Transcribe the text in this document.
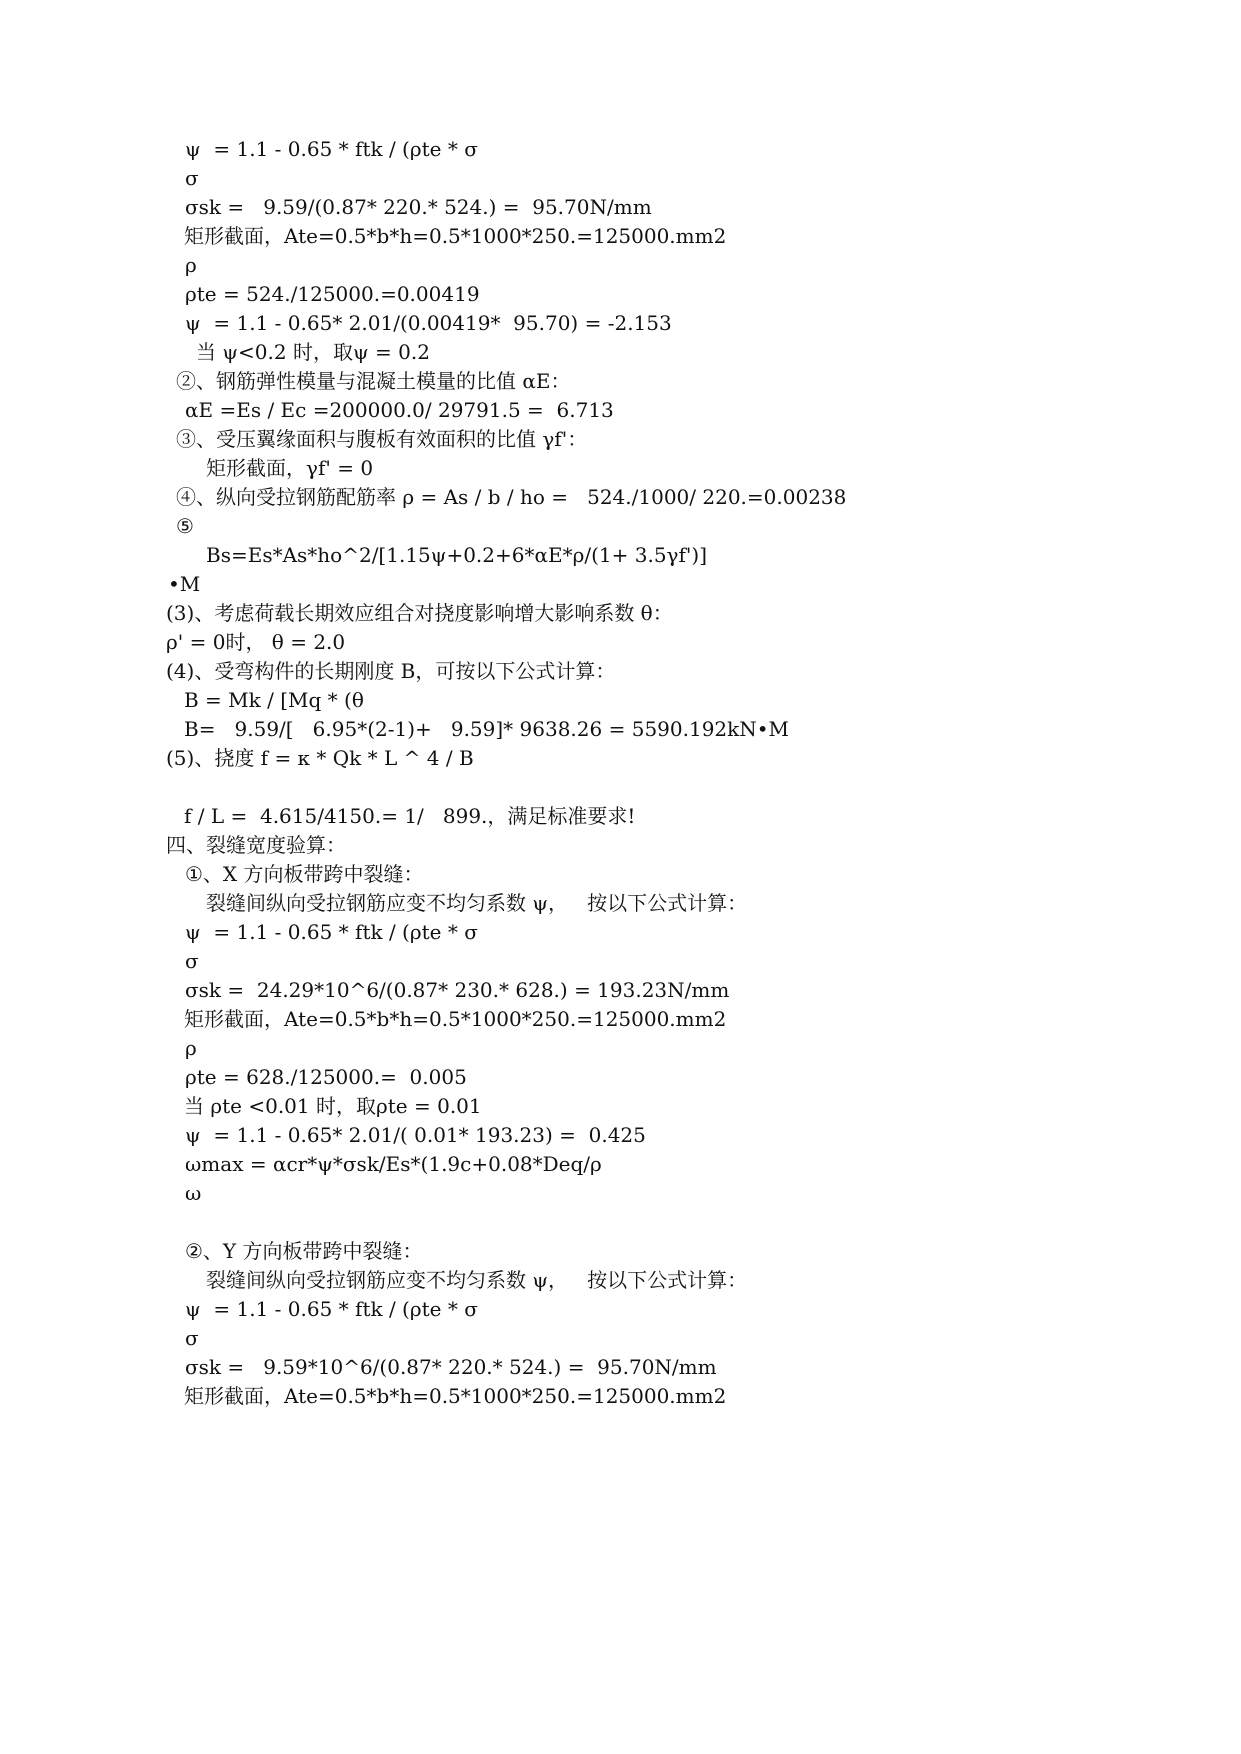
ψ  = 1.1 - 0.65 * ftk / (ρte * σ
σ
σsk =   9.59/(0.87* 220.* 524.) =  95.70N/mm
矩形截面，Ate=0.5*b*h=0.5*1000*250.=125000.mm2
ρ
ρte = 524./125000.=0.00419
ψ  = 1.1 - 0.65* 2.01/(0.00419*  95.70) = -2.153
当 ψ<0.2 时，取ψ = 0.2
②、钢筋弹性模量与混凝土模量的比值 αE：
αE =Es / Ec =200000.0/ 29791.5 =  6.713
③、受压翼缘面积与腹板有效面积的比值 γf'：
矩形截面，γf' = 0
④、纵向受拉钢筋配筋率 ρ = As / b / ho =   524./1000/ 220.=0.00238
⑤
Bs=Es*As*ho^2/[1.15ψ+0.2+6*αE*ρ/(1+ 3.5γf')]
•M
(3)、考虑荷载长期效应组合对挠度影响增大影响系数 θ：
ρ' = 0时， θ = 2.0
(4)、受弯构件的长期刚度 B，可按以下公式计算：
B = Mk / [Mq * (θ
B=   9.59/[   6.95*(2-1)+   9.59]* 9638.26 = 5590.192kN•M
(5)、挠度 f = κ * Qk * L ^ 4 / B
f / L =  4.615/4150.= 1/   899.，满足标准要求!
四、裂缝宽度验算：
①、X 方向板带跨中裂缝：
裂缝间纵向受拉钢筋应变不均匀系数 ψ，   按以下公式计算：
ψ  = 1.1 - 0.65 * ftk / (ρte * σ
σ
σsk =  24.29*10^6/(0.87* 230.* 628.) = 193.23N/mm
矩形截面，Ate=0.5*b*h=0.5*1000*250.=125000.mm2
ρ
ρte = 628./125000.=  0.005
当 ρte <0.01 时，取ρte = 0.01
ψ  = 1.1 - 0.65* 2.01/( 0.01* 193.23) =  0.425
ωmax = αcr*ψ*σsk/Es*(1.9c+0.08*Deq/ρ
ω
②、Y 方向板带跨中裂缝：
裂缝间纵向受拉钢筋应变不均匀系数 ψ，   按以下公式计算：
ψ  = 1.1 - 0.65 * ftk / (ρte * σ
σ
σsk =   9.59*10^6/(0.87* 220.* 524.) =  95.70N/mm
矩形截面，Ate=0.5*b*h=0.5*1000*250.=125000.mm2
